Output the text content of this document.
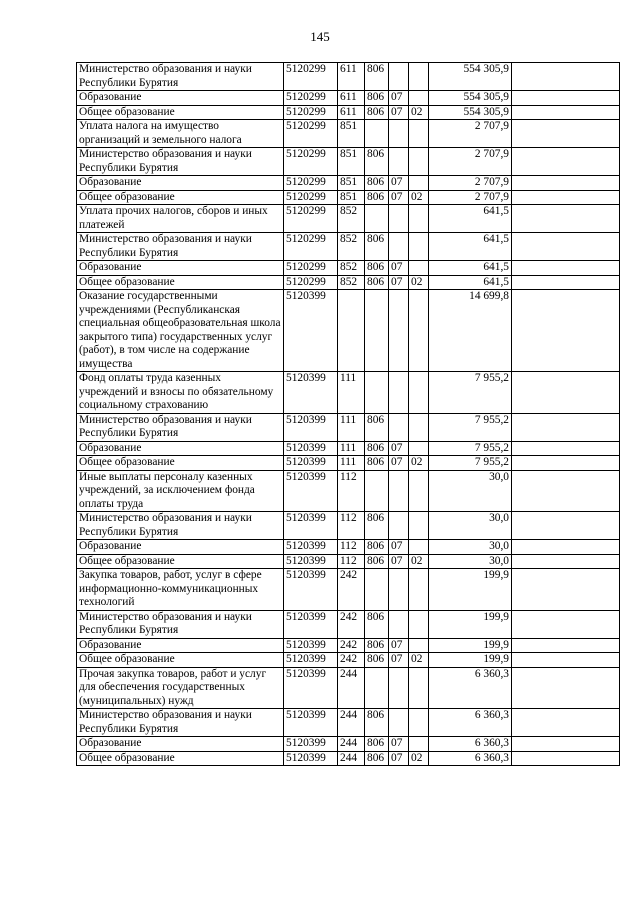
145
Министерство образования и науки Республики Бурятия	5120299	611	806			554 305,9	
Образование	5120299	611	806	07		554 305,9	
Общее образование	5120299	611	806	07	02	554 305,9	
Уплата налога на имущество организаций и земельного налога	5120299	851				2 707,9	
Министерство образования и науки Республики Бурятия	5120299	851	806			2 707,9	
Образование	5120299	851	806	07		2 707,9	
Общее образование	5120299	851	806	07	02	2 707,9	
Уплата прочих налогов, сборов и иных платежей	5120299	852				641,5	
Министерство образования и науки Республики Бурятия	5120299	852	806			641,5	
Образование	5120299	852	806	07		641,5	
Общее образование	5120299	852	806	07	02	641,5	
Оказание государственными учреждениями (Республиканская специальная общеобразовательная школа закрытого типа) государственных услуг (работ), в том числе на содержание имущества	5120399					14 699,8	
Фонд оплаты труда казенных учреждений и взносы по обязательному социальному страхованию	5120399	111				7 955,2	
Министерство образования и науки Республики Бурятия	5120399	111	806			7 955,2	
Образование	5120399	111	806	07		7 955,2	
Общее образование	5120399	111	806	07	02	7 955,2	
Иные выплаты персоналу казенных учреждений, за исключением фонда оплаты труда	5120399	112				30,0	
Министерство образования и науки Республики Бурятия	5120399	112	806			30,0	
Образование	5120399	112	806	07		30,0	
Общее образование	5120399	112	806	07	02	30,0	
Закупка товаров, работ, услуг в сфере информационно-коммуникационных технологий	5120399	242				199,9	
Министерство образования и науки Республики Бурятия	5120399	242	806			199,9	
Образование	5120399	242	806	07		199,9	
Общее образование	5120399	242	806	07	02	199,9	
Прочая закупка товаров, работ и услуг для обеспечения государственных (муниципальных) нужд	5120399	244				6 360,3	
Министерство образования и науки Республики Бурятия	5120399	244	806			6 360,3	
Образование	5120399	244	806	07		6 360,3	
Общее образование	5120399	244	806	07	02	6 360,3	
